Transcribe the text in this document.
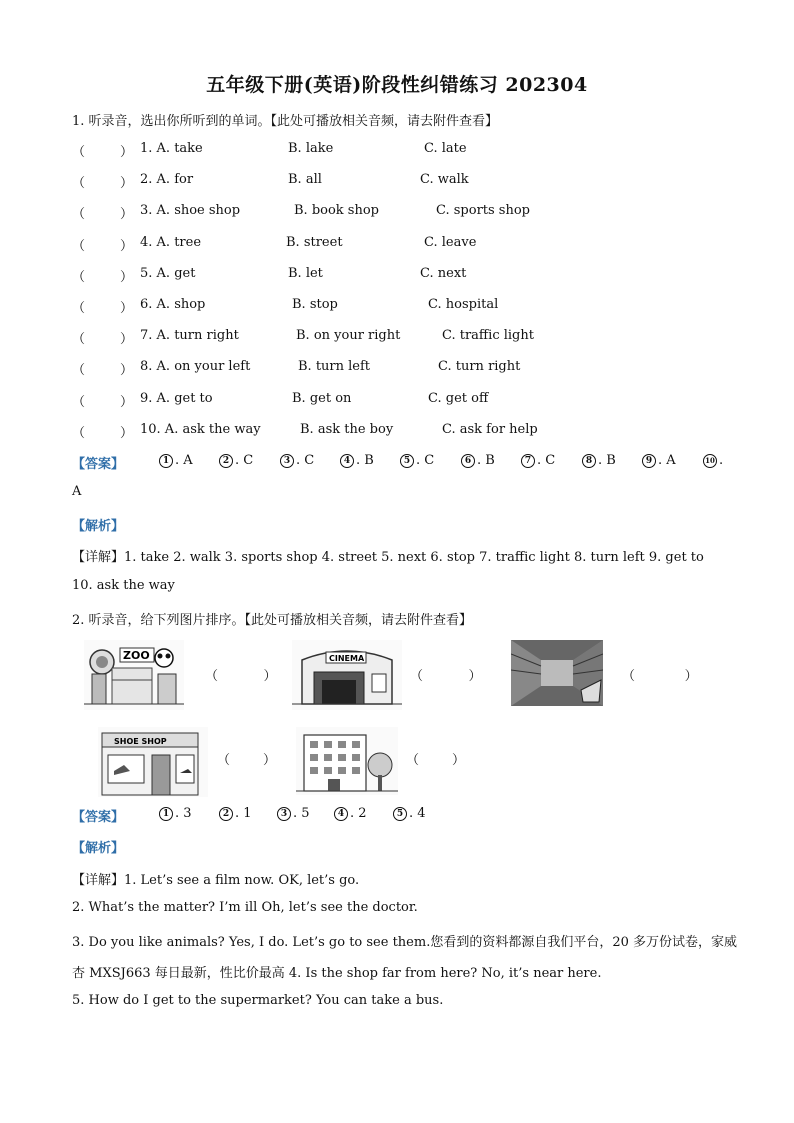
五年级下册(英语)阶段性纠错练习 202304
1. 听录音，选出你所听到的单词。【此处可播放相关音频，请去附件查看】
（	） 1. A. take	B. lake	C. late
（	） 2. A. for	B. all	C. walk
（	） 3. A. shoe shop	B. book shop	C. sports shop
（	） 4. A. tree	B. street	C. leave
（	） 5. A. get	B. let	C. next
（	） 6. A. shop	B. stop	C. hospital
（	） 7. A. turn right	B. on your right	C. traffic light
（	） 8. A. on your left	B. turn left	C. turn right
（	） 9. A. get to	B. get on	C. get off
（	） 10. A. ask the way	B. ask the boy	C. ask for help
【答案】	1 . A	2 . C	3 . C	4 . B	5 . C	6 . B	7 . C	8 . B	9 . A	10 .
A
【解析】
【详解】1. take 2. walk 3. sports shop 4. street 5. next 6. stop 7. traffic light 8. turn left 9. get to
10. ask the way
2. 听录音，给下列图片排序。【此处可播放相关音频，请去附件查看】
ZOO
（           ）
CINEMA
（           ）	（            ）
SHOE SHOP
（        ）	（        ）
【答案】	1 . 3	2 . 1	3 . 5	4 . 2	5 . 4
【解析】
【详解】1. Let’s see a film now. OK, let’s go.
2. What’s the matter? I’m ill Oh, let’s see the doctor.
3. Do you like animals? Yes, I do. Let’s go to see them.您看到的资料都源自我们平台，20 多万份试卷，家威
杏 MXSJ663 每日最新，性比价最高 4. Is the shop far from here? No, it’s near here.
5. How do I get to the supermarket? You can take a bus.
